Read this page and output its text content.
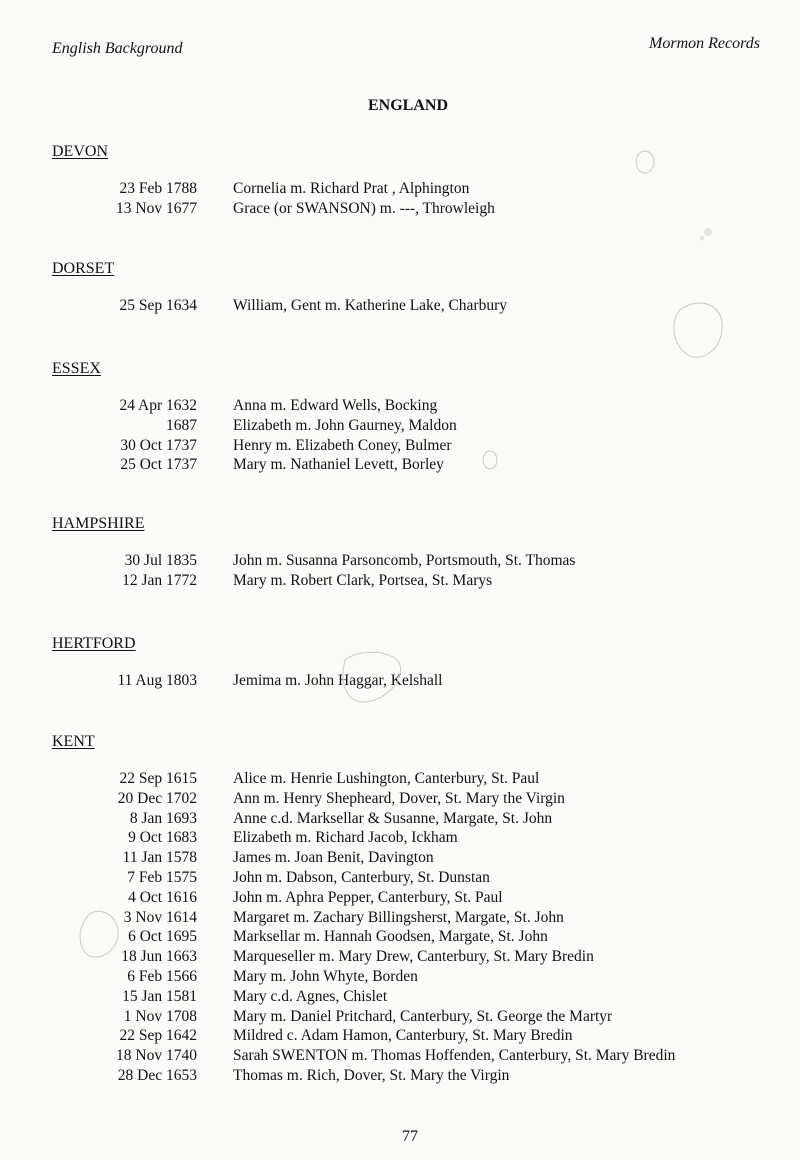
English Background	Mormon Records
ENGLAND
DEVON
23 Feb 1788 Cornelia m. Richard Prat , Alphington
13 Nov 1677 Grace (or SWANSON) m. ---, Throwleigh
DORSET
25 Sep 1634 William, Gent m. Katherine Lake, Charbury
ESSEX
24 Apr 1632 Anna m. Edward Wells, Bocking
1687 Elizabeth m. John Gaurney, Maldon
30 Oct 1737 Henry m. Elizabeth Coney, Bulmer
25 Oct 1737 Mary m. Nathaniel Levett, Borley
HAMPSHIRE
30 Jul 1835 John m. Susanna Parsoncomb, Portsmouth, St. Thomas
12 Jan 1772 Mary m. Robert Clark, Portsea, St. Marys
HERTFORD
11 Aug 1803 Jemima m. John Haggar, Kelshall
KENT
22 Sep 1615 Alice m. Henrie Lushington, Canterbury, St. Paul
20 Dec 1702 Ann m. Henry Shepheard, Dover, St. Mary the Virgin
8 Jan 1693 Anne c.d. Marksellar & Susanne, Margate, St. John
9 Oct 1683 Elizabeth m. Richard Jacob, Ickham
11 Jan 1578 James m. Joan Benit, Davington
7 Feb 1575 John m. Dabson, Canterbury, St. Dunstan
4 Oct 1616 John m. Aphra Pepper, Canterbury, St. Paul
3 Nov 1614 Margaret m. Zachary Billingsherst, Margate, St. John
6 Oct 1695 Marksellar m. Hannah Goodsen, Margate, St. John
18 Jun 1663 Marqueseller m. Mary Drew, Canterbury, St. Mary Bredin
6 Feb 1566 Mary m. John Whyte, Borden
15 Jan 1581 Mary c.d. Agnes, Chislet
1 Nov 1708 Mary m. Daniel Pritchard, Canterbury, St. George the Martyr
22 Sep 1642 Mildred c. Adam Hamon, Canterbury, St. Mary Bredin
18 Nov 1740 Sarah SWENTON m. Thomas Hoffenden, Canterbury, St. Mary Bredin
28 Dec 1653 Thomas m. Rich, Dover, St. Mary the Virgin
77
